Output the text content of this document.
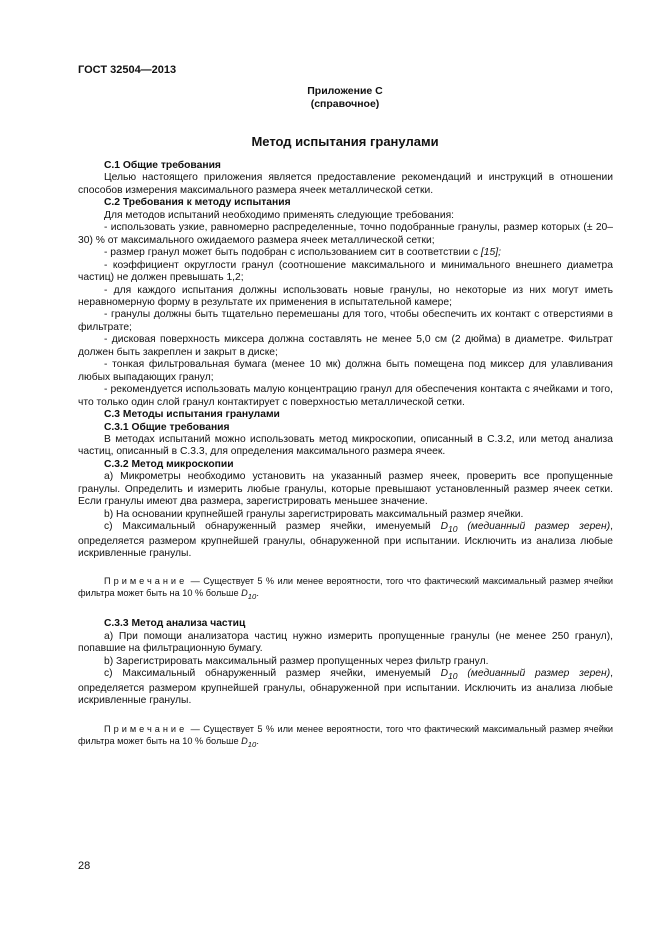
ГОСТ 32504—2013
Приложение С
(справочное)
Метод испытания гранулами

С.1 Общие требования

Целью настоящего приложения является предоставление рекомендаций и инструкций в отношении способов измерения максимального размера ячеек металлической сетки.

С.2 Требования к методу испытания

Для методов испытаний необходимо применять следующие требования:

- использовать узкие, равномерно распределенные, точно подобранные гранулы, размер которых (± 20–30) % от максимального ожидаемого размера ячеек металлической сетки;

- размер гранул может быть подобран с использованием сит в соответствии с [15];

- коэффициент округлости гранул (соотношение максимального и минимального внешнего диаметра частиц) не должен превышать 1,2;

- для каждого испытания должны использовать новые гранулы, но некоторые из них могут иметь неравномерную форму в результате их применения в испытательной камере;

- гранулы должны быть тщательно перемешаны для того, чтобы обеспечить их контакт с отверстиями в фильтрате;

- дисковая поверхность миксера должна составлять не менее 5,0 см (2 дюйма) в диаметре. Фильтрат должен быть закреплен и закрыт в диске;

- тонкая фильтровальная бумага (менее 10 мк) должна быть помещена под миксер для улавливания любых выпадающих гранул;

- рекомендуется использовать малую концентрацию гранул для обеспечения контакта с ячейками и того, что только один слой гранул контактирует с поверхностью металлической сетки.

С.3 Методы испытания гранулами

С.3.1 Общие требования

В методах испытаний можно использовать метод микроскопии, описанный в С.3.2, или метод анализа частиц, описанный в С.3.3, для определения максимального размера ячеек.

С.3.2 Метод микроскопии

а) Микрометры необходимо установить на указанный размер ячеек, проверить все пропущенные гранулы. Определить и измерить любые гранулы, которые превышают установленный размер ячеек сетки. Если гранулы имеют два размера, зарегистрировать меньшее значение.

b) На основании крупнейшей гранулы зарегистрировать максимальный размер ячейки.

с) Максимальный обнаруженный размер ячейки, именуемый $D_{10}$ (медианный размер зерен), определяется размером крупнейшей гранулы, обнаруженной при испытании. Исключить из анализа любые искривленные гранулы.

Примечание — Существует 5 % или менее вероятности, того что фактический максимальный размер ячейки фильтра может быть на 10 % больше $D_{10}$.

С.3.3 Метод анализа частиц

а) При помощи анализатора частиц нужно измерить пропущенные гранулы (не менее 250 гранул), попавшие на фильтрационную бумагу.

b) Зарегистрировать максимальный размер пропущенных через фильтр гранул.

с) Максимальный обнаруженный размер ячейки, именуемый $D_{10}$ (медианный размер зерен), определяется размером крупнейшей гранулы, обнаруженной при испытании. Исключить из анализа любые искривленные гранулы.

Примечание — Существует 5 % или менее вероятности, того что фактический максимальный размер ячейки фильтра может быть на 10 % больше $D_{10}$.

28
